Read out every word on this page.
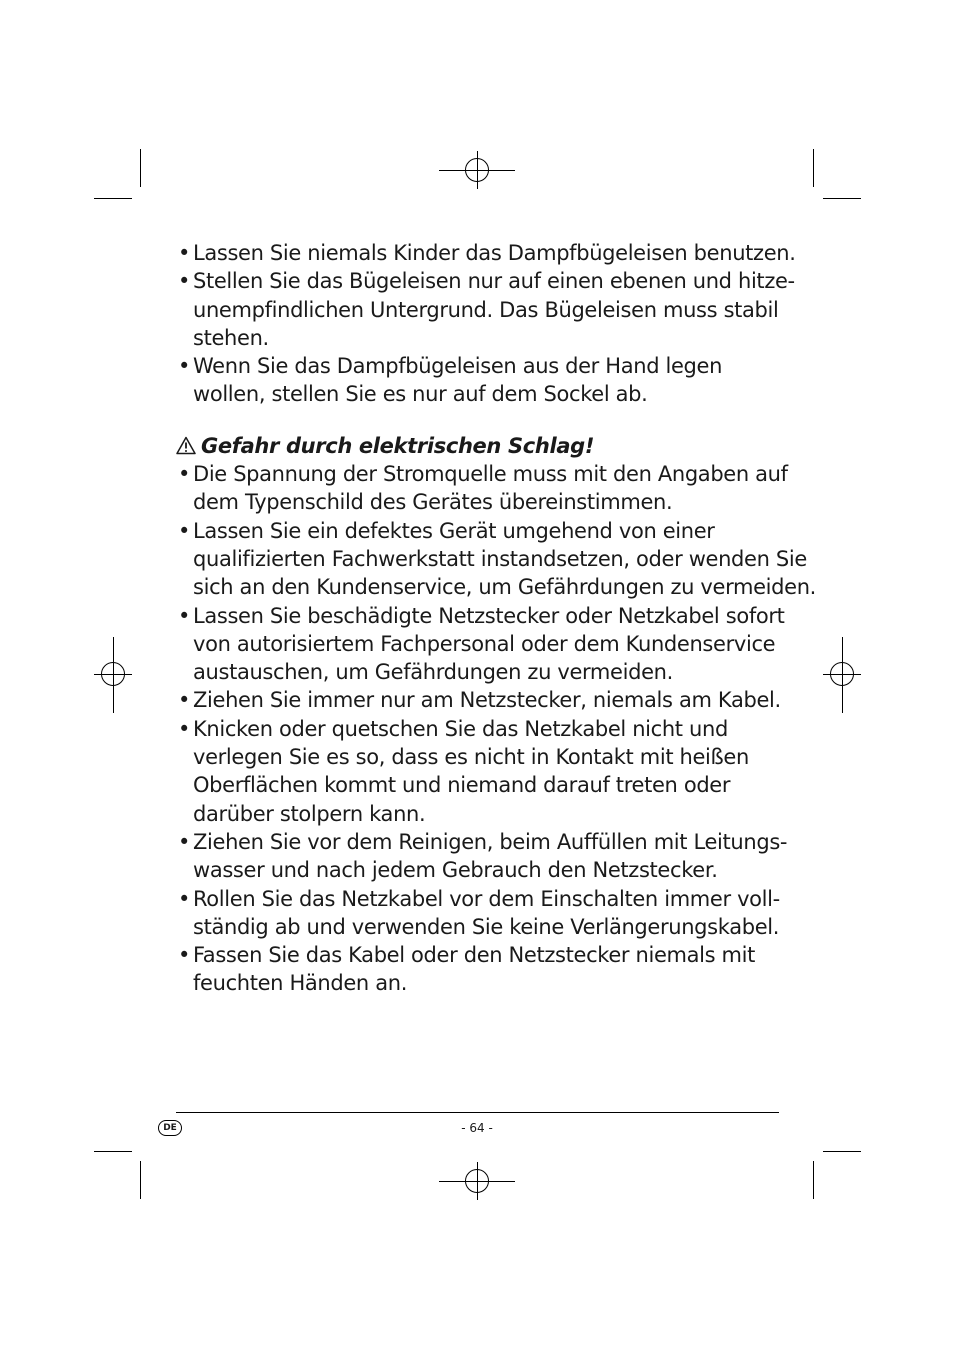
• Lassen Sie niemals Kinder das Dampfbügeleisen benutzen.
• Stellen Sie das Bügeleisen nur auf einen ebenen und hitze-
unempfindlichen Untergrund. Das Bügeleisen muss stabil
stehen.
• Wenn Sie das Dampfbügeleisen aus der Hand legen
wollen, stellen Sie es nur auf dem Sockel ab.
Gefahr durch elektrischen Schlag!
• Die Spannung der Stromquelle muss mit den Angaben auf
dem Typenschild des Gerätes übereinstimmen.
• Lassen Sie ein defektes Gerät umgehend von einer
qualifizierten Fachwerkstatt instandsetzen, oder wenden Sie
sich an den Kundenservice, um Gefährdungen zu vermeiden.
• Lassen Sie beschädigte Netzstecker oder Netzkabel sofort
von autorisiertem Fachpersonal oder dem Kundenservice
austauschen, um Gefährdungen zu vermeiden.
• Ziehen Sie immer nur am Netzstecker, niemals am Kabel.
• Knicken oder quetschen Sie das Netzkabel nicht und
verlegen Sie es so, dass es nicht in Kontakt mit heißen
Oberflächen kommt und niemand darauf treten oder
darüber stolpern kann.
• Ziehen Sie vor dem Reinigen, beim Auffüllen mit Leitungs-
wasser und nach jedem Gebrauch den Netzstecker.
• Rollen Sie das Netzkabel vor dem Einschalten immer voll-
ständig ab und verwenden Sie keine Verlängerungskabel.
• Fassen Sie das Kabel oder den Netzstecker niemals mit
feuchten Händen an.
DE	- 64 -
